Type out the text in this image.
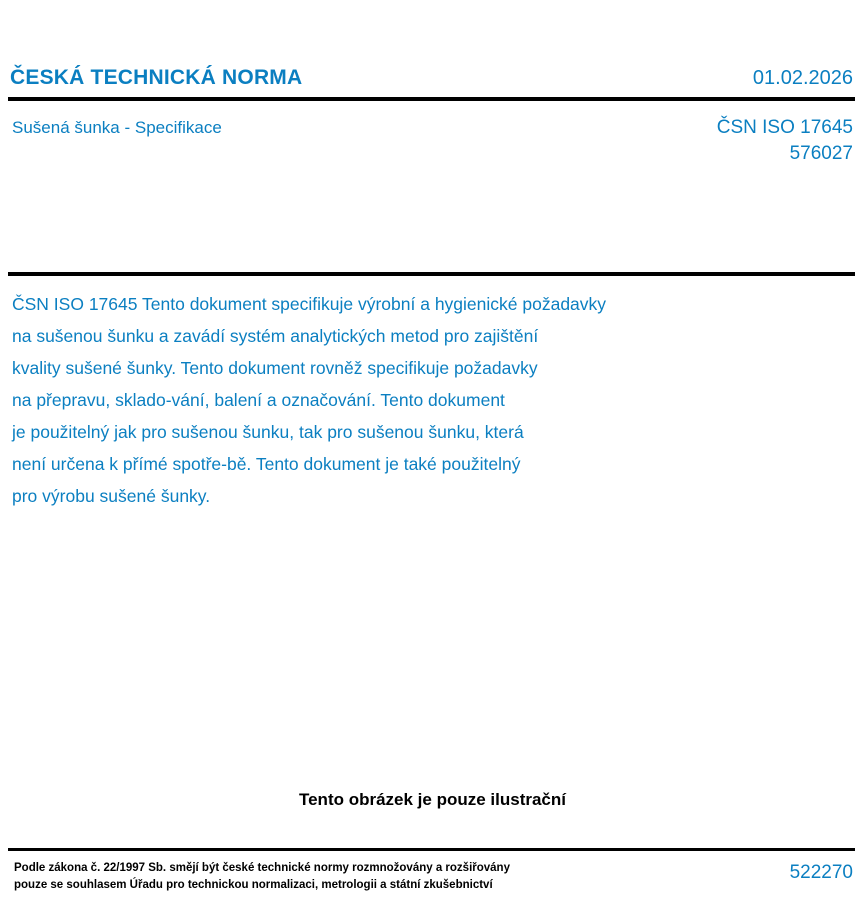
ČESKÁ TECHNICKÁ NORMA	01.02.2026
Sušená šunka - Specifikace	ČSN ISO 17645
576027

ČSN ISO 17645 Tento dokument specifikuje výrobní a hygienické požadavky

na sušenou šunku a zavádí systém analytických metod pro zajištění

kvality sušené šunky. Tento dokument rovněž specifikuje požadavky

na přepravu, sklado-vání, balení a označování. Tento dokument

je použitelný jak pro sušenou šunku, tak pro sušenou šunku, která

není určena k přímé spotře-bě. Tento dokument je také použitelný

pro výrobu sušené šunky.

Tento obrázek je pouze ilustrační
Podle zákona č. 22/1997 Sb. smějí být české technické normy rozmnožovány a rozšiřovány
pouze se souhlasem Úřadu pro technickou normalizaci, metrologii a státní zkušebnictví
522270
